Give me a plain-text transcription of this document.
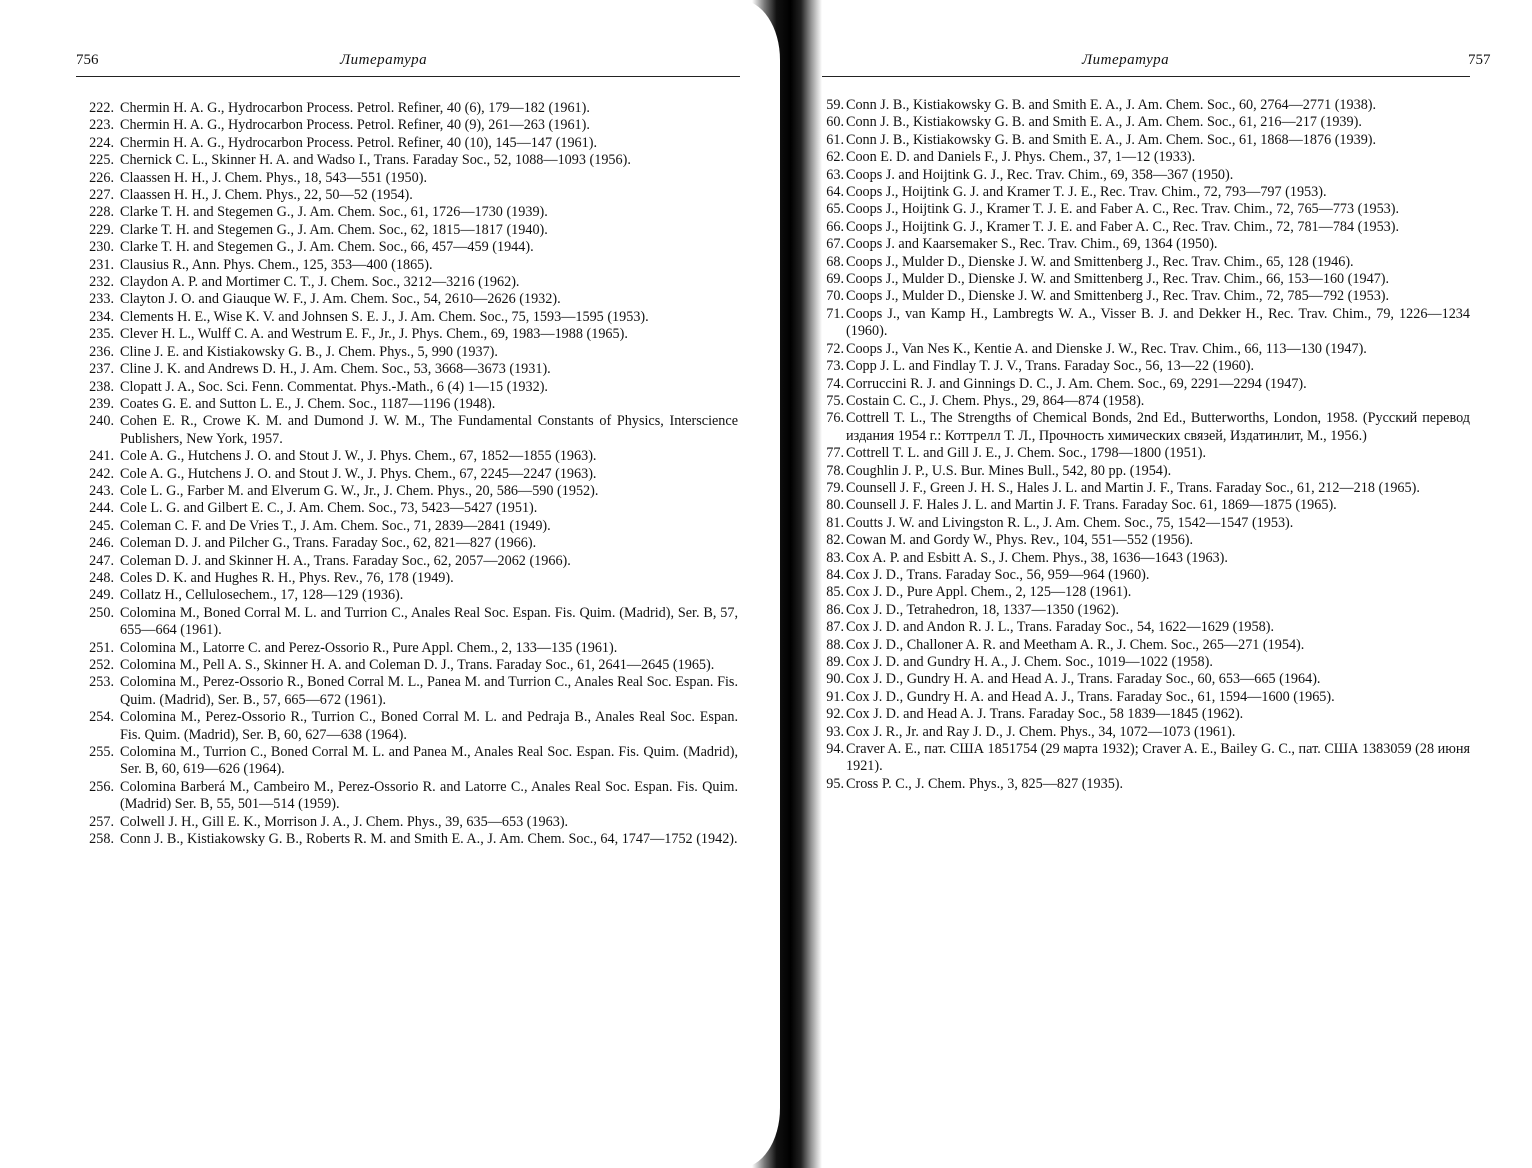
756	Литература
222. Chermin H. A. G., Hydrocarbon Process. Petrol. Refiner, 40 (6), 179—182 (1961).
223. Chermin H. A. G., Hydrocarbon Process. Petrol. Refiner, 40 (9), 261—263 (1961).
224. Chermin H. A. G., Hydrocarbon Process. Petrol. Refiner, 40 (10), 145—147 (1961).
225. Chernick C. L., Skinner H. A. and Wadso I., Trans. Faraday Soc., 52, 1088—1093 (1956).
226. Claassen H. H., J. Chem. Phys., 18, 543—551 (1950).
227. Claassen H. H., J. Chem. Phys., 22, 50—52 (1954).
228. Clarke T. H. and Stegemen G., J. Am. Chem. Soc., 61, 1726—1730 (1939).
229. Clarke T. H. and Stegemen G., J. Am. Chem. Soc., 62, 1815—1817 (1940).
230. Clarke T. H. and Stegemen G., J. Am. Chem. Soc., 66, 457—459 (1944).
231. Clausius R., Ann. Phys. Chem., 125, 353—400 (1865).
232. Claydon A. P. and Mortimer C. T., J. Chem. Soc., 3212—3216 (1962).
233. Clayton J. O. and Giauque W. F., J. Am. Chem. Soc., 54, 2610—2626 (1932).
234. Clements H. E., Wise K. V. and Johnsen S. E. J., J. Am. Chem. Soc., 75, 1593—1595 (1953).
235. Clever H. L., Wulff C. A. and Westrum E. F., Jr., J. Phys. Chem., 69, 1983—1988 (1965).
236. Cline J. E. and Kistiakowsky G. B., J. Chem. Phys., 5, 990 (1937).
237. Cline J. K. and Andrews D. H., J. Am. Chem. Soc., 53, 3668—3673 (1931).
238. Clopatt J. A., Soc. Sci. Fenn. Commentat. Phys.-Math., 6 (4) 1—15 (1932).
239. Coates G. E. and Sutton L. E., J. Chem. Soc., 1187—1196 (1948).
240. Cohen E. R., Crowe K. M. and Dumond J. W. M., The Fundamental Constants of Physics, Interscience Publishers, New York, 1957.
241. Cole A. G., Hutchens J. O. and Stout J. W., J. Phys. Chem., 67, 1852—1855 (1963).
242. Cole A. G., Hutchens J. O. and Stout J. W., J. Phys. Chem., 67, 2245—2247 (1963).
243. Cole L. G., Farber M. and Elverum G. W., Jr., J. Chem. Phys., 20, 586—590 (1952).
244. Cole L. G. and Gilbert E. C., J. Am. Chem. Soc., 73, 5423—5427 (1951).
245. Coleman C. F. and De Vries T., J. Am. Chem. Soc., 71, 2839—2841 (1949).
246. Coleman D. J. and Pilcher G., Trans. Faraday Soc., 62, 821—827 (1966).
247. Coleman D. J. and Skinner H. A., Trans. Faraday Soc., 62, 2057—2062 (1966).
248. Coles D. K. and Hughes R. H., Phys. Rev., 76, 178 (1949).
249. Collatz H., Cellulosechem., 17, 128—129 (1936).
250. Colomina M., Boned Corral M. L. and Turrion C., Anales Real Soc. Espan. Fis. Quim. (Madrid), Ser. B, 57, 655—664 (1961).
251. Colomina M., Latorre C. and Perez-Ossorio R., Pure Appl. Chem., 2, 133—135 (1961).
252. Colomina M., Pell A. S., Skinner H. A. and Coleman D. J., Trans. Faraday Soc., 61, 2641—2645 (1965).
253. Colomina M., Perez-Ossorio R., Boned Corral M. L., Panea M. and Turrion C., Anales Real Soc. Espan. Fis. Quim. (Madrid), Ser. B., 57, 665—672 (1961).
254. Colomina M., Perez-Ossorio R., Turrion C., Boned Corral M. L. and Pedraja B., Anales Real Soc. Espan. Fis. Quim. (Madrid), Ser. B, 60, 627—638 (1964).
255. Colomina M., Turrion C., Boned Corral M. L. and Panea M., Anales Real Soc. Espan. Fis. Quim. (Madrid), Ser. B, 60, 619—626 (1964).
256. Colomina Barberá M., Cambeiro M., Perez-Ossorio R. and Latorre C., Anales Real Soc. Espan. Fis. Quim. (Madrid) Ser. B, 55, 501—514 (1959).
257. Colwell J. H., Gill E. K., Morrison J. A., J. Chem. Phys., 39, 635—653 (1963).
258. Conn J. B., Kistiakowsky G. B., Roberts R. M. and Smith E. A., J. Am. Chem. Soc., 64, 1747—1752 (1942).
Литература	757
59. Conn J. B., Kistiakowsky G. B. and Smith E. A., J. Am. Chem. Soc., 60, 2764—2771 (1938).
60. Conn J. B., Kistiakowsky G. B. and Smith E. A., J. Am. Chem. Soc., 61, 216—217 (1939).
61. Conn J. B., Kistiakowsky G. B. and Smith E. A., J. Am. Chem. Soc., 61, 1868—1876 (1939).
62. Coon E. D. and Daniels F., J. Phys. Chem., 37, 1—12 (1933).
63. Coops J. and Hoijtink G. J., Rec. Trav. Chim., 69, 358—367 (1950).
64. Coops J., Hoijtink G. J. and Kramer T. J. E., Rec. Trav. Chim., 72, 793—797 (1953).
65. Coops J., Hoijtink G. J., Kramer T. J. E. and Faber A. C., Rec. Trav. Chim., 72, 765—773 (1953).
66. Coops J., Hoijtink G. J., Kramer T. J. E. and Faber A. C., Rec. Trav. Chim., 72, 781—784 (1953).
67. Coops J. and Kaarsemaker S., Rec. Trav. Chim., 69, 1364 (1950).
68. Coops J., Mulder D., Dienske J. W. and Smittenberg J., Rec. Trav. Chim., 65, 128 (1946).
69. Coops J., Mulder D., Dienske J. W. and Smittenberg J., Rec. Trav. Chim., 66, 153—160 (1947).
70. Coops J., Mulder D., Dienske J. W. and Smittenberg J., Rec. Trav. Chim., 72, 785—792 (1953).
71. Coops J., van Kamp H., Lambregts W. A., Visser B. J. and Dekker H., Rec. Trav. Chim., 79, 1226—1234 (1960).
72. Coops J., Van Nes K., Kentie A. and Dienske J. W., Rec. Trav. Chim., 66, 113—130 (1947).
73. Copp J. L. and Findlay T. J. V., Trans. Faraday Soc., 56, 13—22 (1960).
74. Corruccini R. J. and Ginnings D. C., J. Am. Chem. Soc., 69, 2291—2294 (1947).
75. Costain C. C., J. Chem. Phys., 29, 864—874 (1958).
76. Cottrell T. L., The Strengths of Chemical Bonds, 2nd Ed., Butterworths, London, 1958. (Русский перевод издания 1954 г.: Коттрелл Т. Л., Прочность химических связей, Издатинлит, М., 1956.)
77. Cottrell T. L. and Gill J. E., J. Chem. Soc., 1798—1800 (1951).
78. Coughlin J. P., U.S. Bur. Mines Bull., 542, 80 pp. (1954).
79. Counsell J. F., Green J. H. S., Hales J. L. and Martin J. F., Trans. Faraday Soc., 61, 212—218 (1965).
80. Counsell J. F. Hales J. L. and Martin J. F. Trans. Faraday Soc. 61, 1869—1875 (1965).
81. Coutts J. W. and Livingston R. L., J. Am. Chem. Soc., 75, 1542—1547 (1953).
82. Cowan M. and Gordy W., Phys. Rev., 104, 551—552 (1956).
83. Cox A. P. and Esbitt A. S., J. Chem. Phys., 38, 1636—1643 (1963).
84. Cox J. D., Trans. Faraday Soc., 56, 959—964 (1960).
85. Cox J. D., Pure Appl. Chem., 2, 125—128 (1961).
86. Cox J. D., Tetrahedron, 18, 1337—1350 (1962).
87. Cox J. D. and Andon R. J. L., Trans. Faraday Soc., 54, 1622—1629 (1958).
88. Cox J. D., Challoner A. R. and Meetham A. R., J. Chem. Soc., 265—271 (1954).
89. Cox J. D. and Gundry H. A., J. Chem. Soc., 1019—1022 (1958).
90. Cox J. D., Gundry H. A. and Head A. J., Trans. Faraday Soc., 60, 653—665 (1964).
91. Cox J. D., Gundry H. A. and Head A. J., Trans. Faraday Soc., 61, 1594—1600 (1965).
92. Cox J. D. and Head A. J. Trans. Faraday Soc., 58 1839—1845 (1962).
93. Cox J. R., Jr. and Ray J. D., J. Chem. Phys., 34, 1072—1073 (1961).
94. Craver A. E., пат. США 1851754 (29 марта 1932); Craver A. E., Bailey G. C., пат. США 1383059 (28 июня 1921).
95. Cross P. C., J. Chem. Phys., 3, 825—827 (1935).
